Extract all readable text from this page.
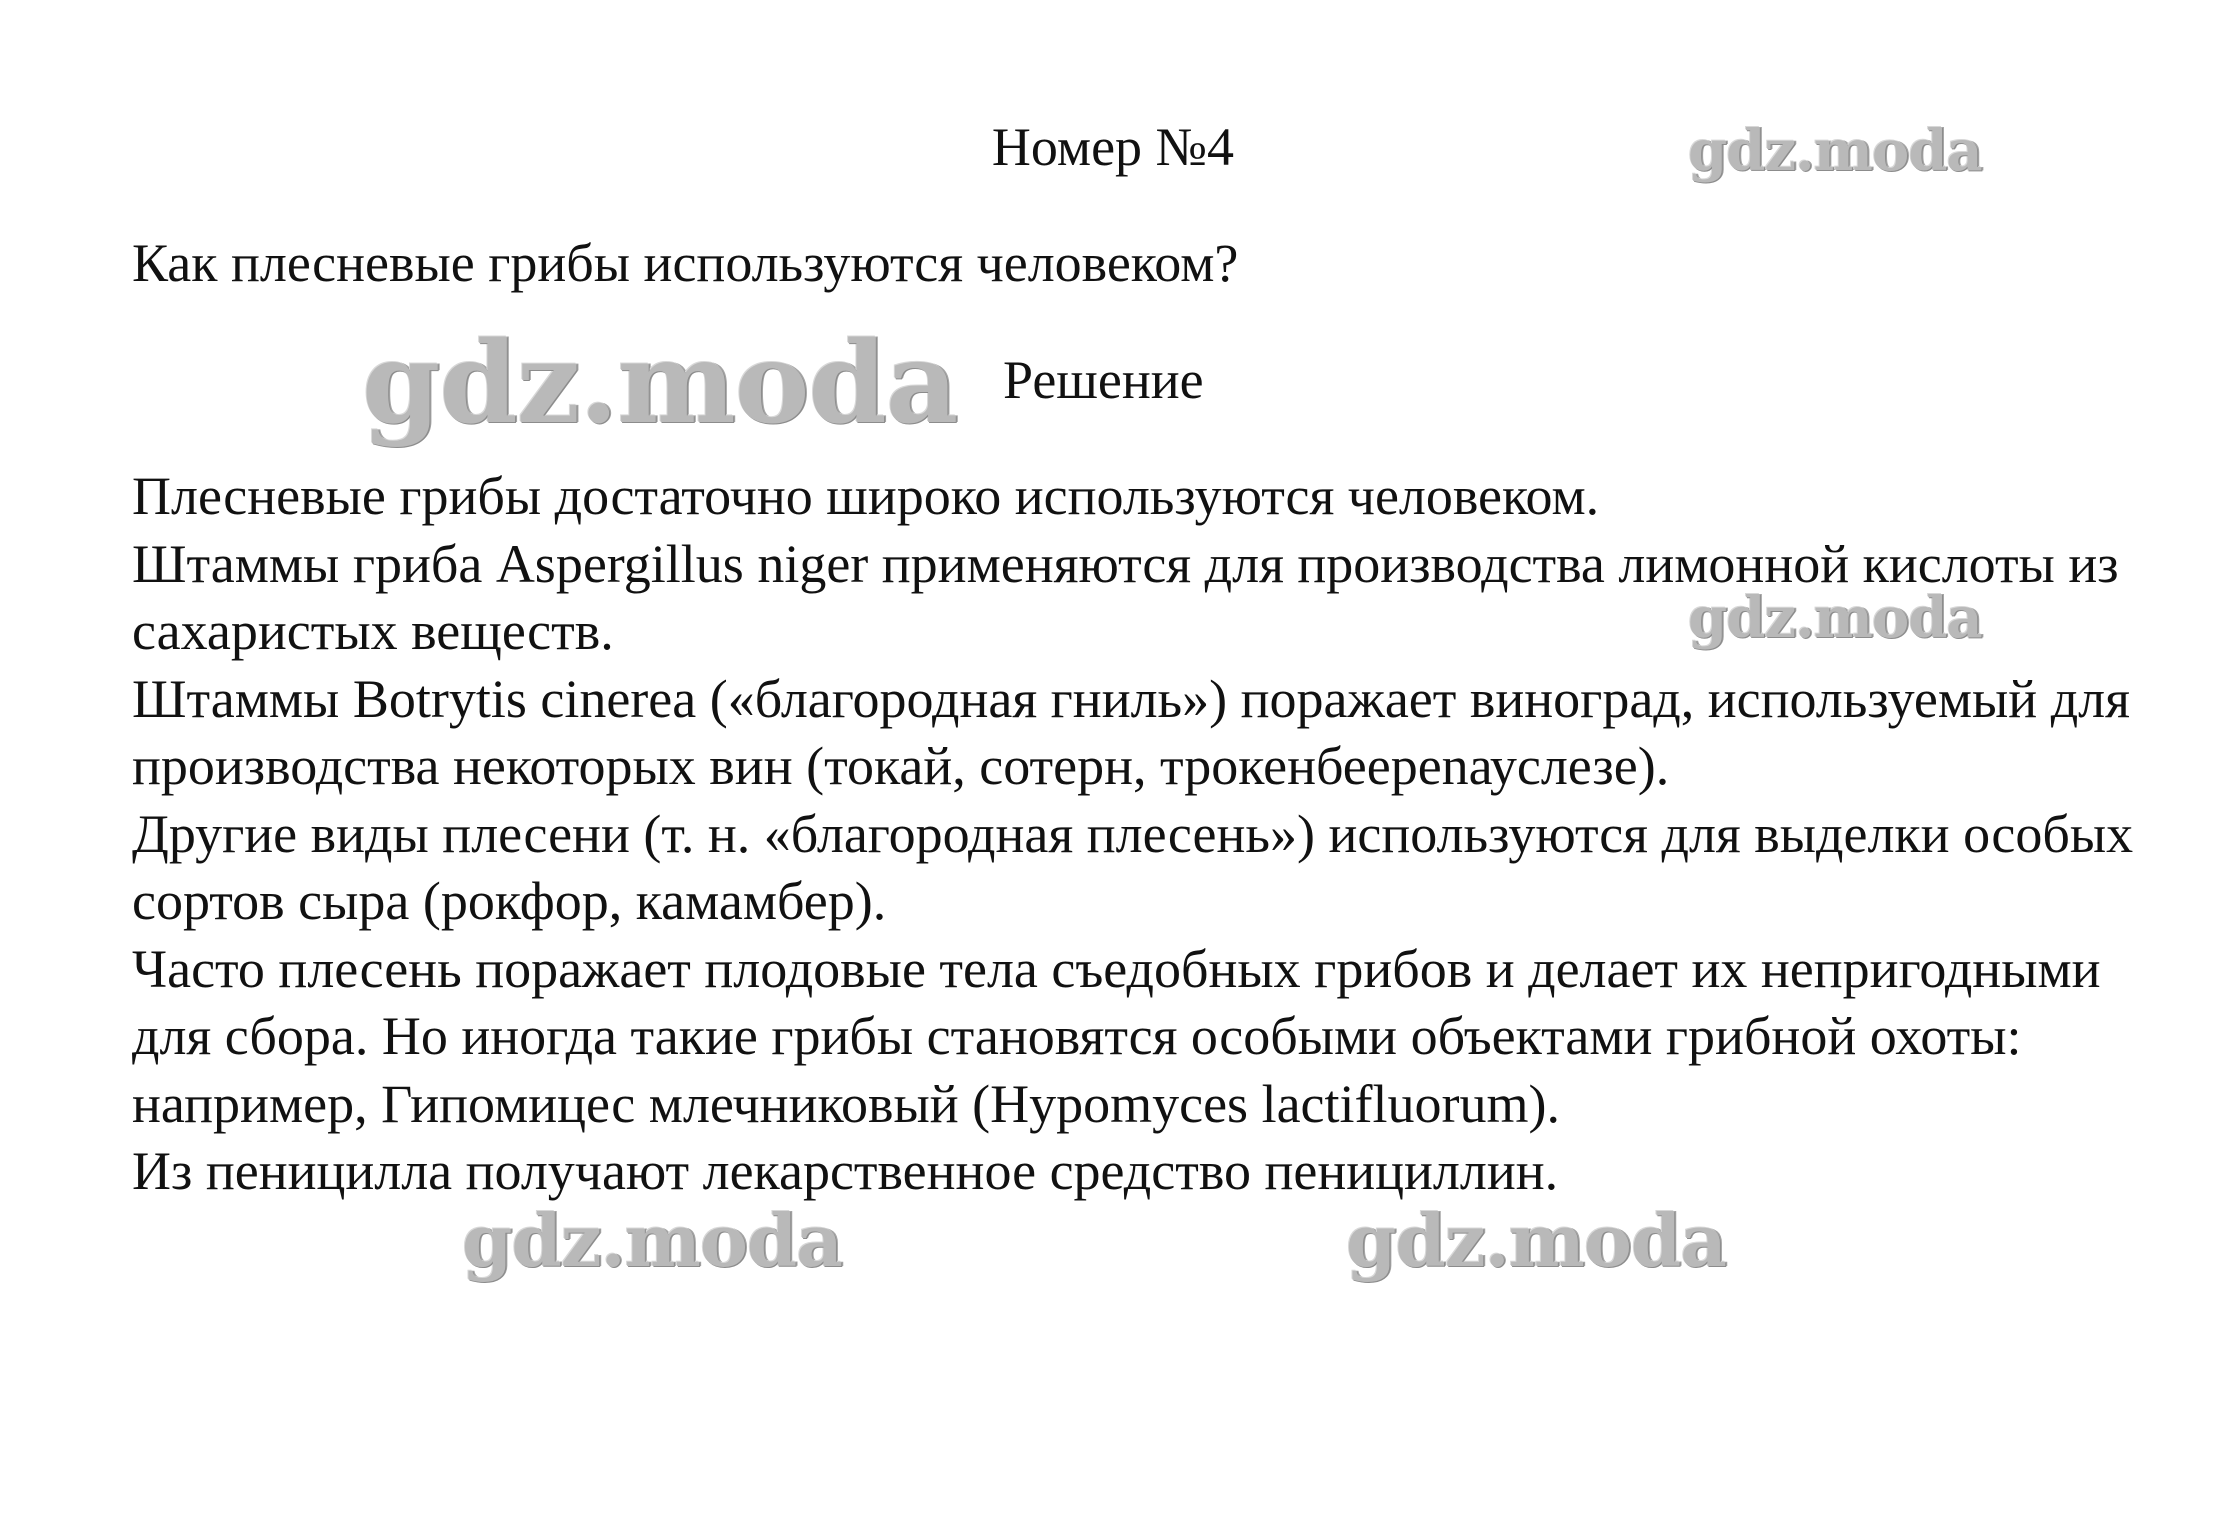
gdz.moda
gdz.moda
gdz.moda
gdz.moda	gdz.moda
Номер №4
Как плесневые грибы используются человеком?
Решение

Плесневые грибы достаточно широко используются человеком.

Штаммы гриба Aspergillus niger применяются для производства лимонной кислоты из сахаристых веществ.

Штаммы Botrytis cinerea («благородная гниль») поражает виноград, используемый для производства некоторых вин (токай, сотерн, трокенбеереnауслезе).

Другие виды плесени (т. н. «благородная плесень») используются для выделки особых сортов сыра (рокфор, камамбер).

Часто плесень поражает плодовые тела съедобных грибов и делает их непригодными для сбора. Но иногда такие грибы становятся особыми объектами грибной охоты: например, Гипомицес млечниковый (Hypomyces lactifluorum).

Из пеницилла получают лекарственное средство пенициллин.
